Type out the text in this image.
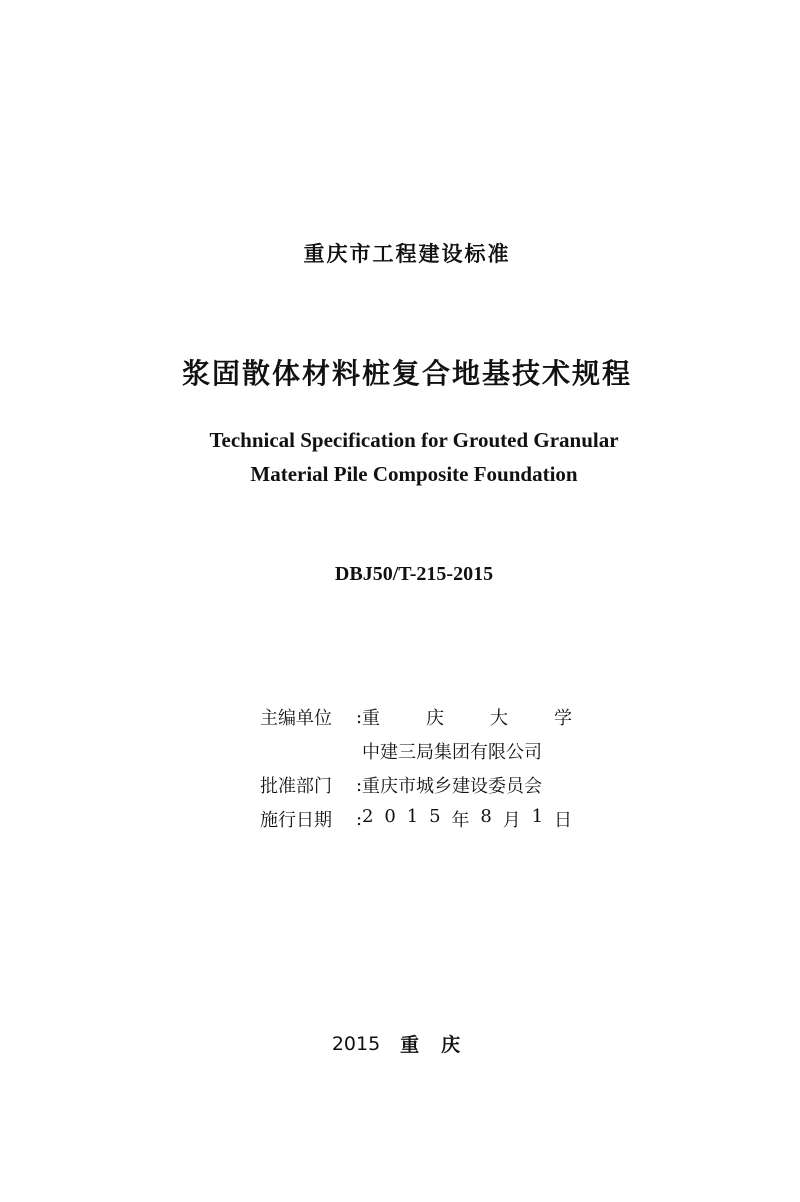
重庆市工程建设标准
浆固散体材料桩复合地基技术规程
Technical Specification for Grouted Granular
Material Pile Composite Foundation
DBJ50/T-215-2015
主编单位	: 重	庆	大	学
中建三局集团有限公司
批准部门	: 重庆市城乡建设委员会
施行日期	: 2 0 1 5 年 8 月 1 日
2015 重庆
